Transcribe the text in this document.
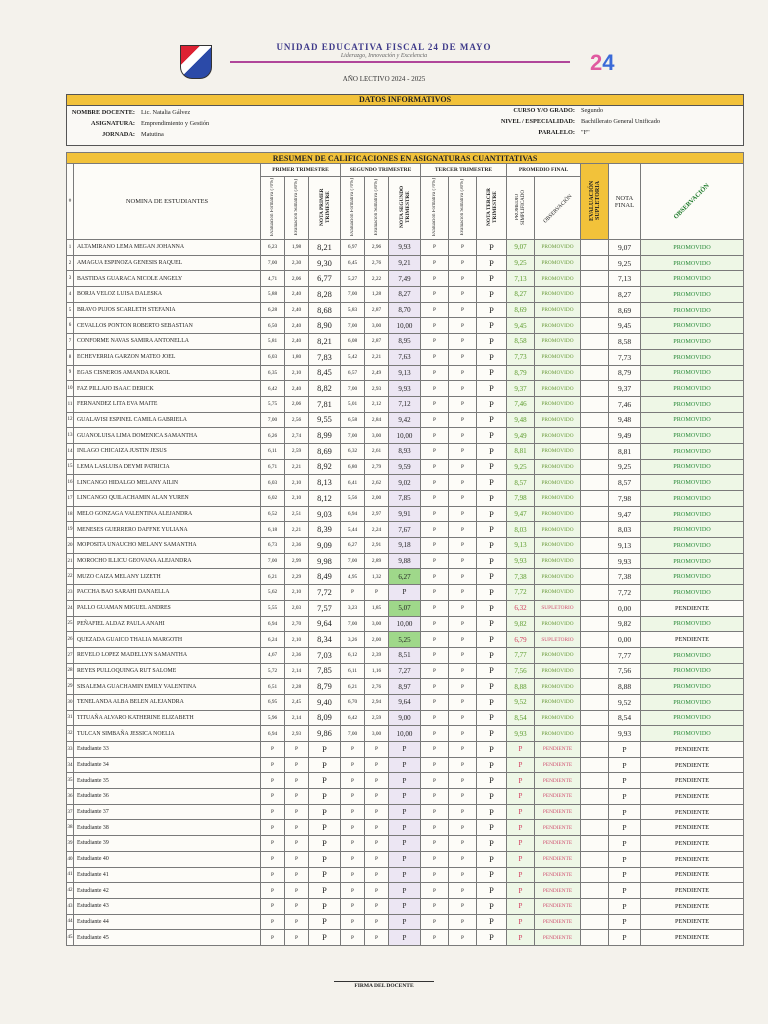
UNIDAD EDUCATIVA FISCAL 24 DE MAYO
Liderazgo, Innovación y Excelencia
AÑO LECTIVO 2024 - 2025
24
DATOS INFORMATIVOS
NOMBRE DOCENTE: Lic. Natalia Gálvez
ASIGNATURA: Emprendimiento y Gestión
JORNADA: Matutina
CURSO Y/O GRADO: Segundo
NIVEL / ESPECIALIDAD: Bachillerato General Unificado
PARALELO: "F"
RESUMEN DE CALIFICACIONES EN ASIGNATURAS CUANTITATIVAS															
#	NOMINA DE ESTUDIANTES	PRIMER TRIMESTRE			SEGUNDO TRIMESTRE			TERCER TRIMESTRE			PROMEDIO FINAL		EVALUACIÓN SUPLETORIA	NOTA FINAL	OBSERVACIÓN
		Evaluación Formativa (70%)	Evaluación Sumativa (30%)	NOTA PRIMER TRIMESTRE	Evaluación Formativa (70%)	Evaluación Sumativa (30%)	NOTA SEGUNDO TRIMESTRE	Evaluación Formativa (70%)	Evaluación Sumativa (30%)	NOTA TERCER TRIMESTRE	PROMEDIO SIMPLIFICADO	OBSERVACIÓN			
1	ALTAMIRANO LEMA MEGAN JOHANNA	6,23	1,98	8,21	6,97	2,96	9,93	P	P	P	9,07	PROMOVIDO		9,07	PROMOVIDO
2	AMAGUA ESPINOZA GENESIS RAQUEL	7,00	2,30	9,30	6,45	2,76	9,21	P	P	P	9,25	PROMOVIDO		9,25	PROMOVIDO
3	BASTIDAS GUARACA NICOLE ANGELY	4,71	2,06	6,77	5,27	2,22	7,49	P	P	P	7,13	PROMOVIDO		7,13	PROMOVIDO
4	BORJA VELOZ LUISA DALESKA	5,88	2,40	8,28	7,00	1,28	8,27	P	P	P	8,27	PROMOVIDO		8,27	PROMOVIDO
5	BRAVO PUJOS SCARLETH STEFANIA	6,28	2,40	8,68	5,83	2,87	8,70	P	P	P	8,69	PROMOVIDO		8,69	PROMOVIDO
6	CEVALLOS PONTON ROBERTO SEBASTIAN	6,50	2,40	8,90	7,00	3,00	10,00	P	P	P	9,45	PROMOVIDO		9,45	PROMOVIDO
7	CONFORME NAVAS SAMIRA ANTONELLA	5,81	2,40	8,21	6,08	2,87	8,95	P	P	P	8,58	PROMOVIDO		8,58	PROMOVIDO
8	ECHEVERRIA GARZON MATEO JOEL	6,03	1,80	7,83	5,42	2,21	7,63	P	P	P	7,73	PROMOVIDO		7,73	PROMOVIDO
9	EGAS CISNEROS AMANDA KAROL	6,35	2,10	8,45	6,57	2,49	9,13	P	P	P	8,79	PROMOVIDO		8,79	PROMOVIDO
10	FAZ PILLAJO ISAAC DERICK	6,42	2,40	8,82	7,00	2,93	9,93	P	P	P	9,37	PROMOVIDO		9,37	PROMOVIDO
11	FERNANDEZ LITA EVA MAITE	5,75	2,06	7,81	5,01	2,12	7,12	P	P	P	7,46	PROMOVIDO		7,46	PROMOVIDO
12	GUALAVISI ESPINEL CAMILA GABRIELA	7,00	2,56	9,55	6,58	2,84	9,42	P	P	P	9,48	PROMOVIDO		9,48	PROMOVIDO
13	GUANOLUISA LIMA DOMENICA SAMANTHA	6,26	2,74	8,99	7,00	3,00	10,00	P	P	P	9,49	PROMOVIDO		9,49	PROMOVIDO
14	INLAGO CHICAIZA JUSTIN JESUS	6,11	2,59	8,69	6,32	2,61	8,93	P	P	P	8,81	PROMOVIDO		8,81	PROMOVIDO
15	LEMA LASLUISA DEYMI PATRICIA	6,71	2,21	8,92	6,80	2,79	9,59	P	P	P	9,25	PROMOVIDO		9,25	PROMOVIDO
16	LINCANGO HIDALGO MELANY AILIN	6,03	2,10	8,13	6,41	2,62	9,02	P	P	P	8,57	PROMOVIDO		8,57	PROMOVIDO
17	LINCANGO QUILACHAMIN ALAN YUREN	6,02	2,10	8,12	5,56	2,00	7,85	P	P	P	7,98	PROMOVIDO		7,98	PROMOVIDO
18	MELO GONZAGA VALENTINA ALEJANDRA	6,52	2,51	9,03	6,94	2,97	9,91	P	P	P	9,47	PROMOVIDO		9,47	PROMOVIDO
19	MENESES GUERRERO DAFFNE YULIANA	6,18	2,21	8,39	5,44	2,24	7,67	P	P	P	8,03	PROMOVIDO		8,03	PROMOVIDO
20	MOPOSITA UNAUCHO MELANY SAMANTHA	6,73	2,36	9,09	6,27	2,91	9,18	P	P	P	9,13	PROMOVIDO		9,13	PROMOVIDO
21	MOROCHO ILLICU GEOVANA ALEJANDRA	7,00	2,99	9,98	7,00	2,89	9,88	P	P	P	9,93	PROMOVIDO		9,93	PROMOVIDO
22	MUZO CAIZA MELANY LIZETH	6,21	2,29	8,49	4,95	1,32	6,27	P	P	P	7,38	PROMOVIDO		7,38	PROMOVIDO
23	PACCHA BAO SARAHI DANAELLA	5,62	2,10	7,72	P	P	P	P	P	P	7,72	PROMOVIDO		7,72	PROMOVIDO
24	PALLO GUAMAN MIGUEL ANDRES	5,55	2,03	7,57	3,23	1,85	5,07	P	P	P	6,32	SUPLETORIO		0,00	PENDIENTE
25	PEÑAFIEL ALDAZ PAULA ANAHI	6,94	2,70	9,64	7,00	3,00	10,00	P	P	P	9,82	PROMOVIDO		9,82	PROMOVIDO
26	QUEZADA GUAICO THALIA MARGOTH	6,24	2,10	8,34	3,26	2,00	5,25	P	P	P	6,79	SUPLETORIO		0,00	PENDIENTE
27	REVELO LOPEZ MADELLYN SAMANTHA	4,67	2,36	7,03	6,12	2,39	8,51	P	P	P	7,77	PROMOVIDO		7,77	PROMOVIDO
28	REYES PULLOQUINGA RUT SALOME	5,72	2,14	7,85	6,11	1,16	7,27	P	P	P	7,56	PROMOVIDO		7,56	PROMOVIDO
29	SISALEMA GUACHAMIN EMILY VALENTINA	6,51	2,28	8,79	6,21	2,76	8,97	P	P	P	8,88	PROMOVIDO		8,88	PROMOVIDO
30	TENELANDA ALBA BELEN ALEJANDRA	6,95	2,45	9,40	6,70	2,94	9,64	P	P	P	9,52	PROMOVIDO		9,52	PROMOVIDO
31	TITUAÑA ALVARO KATHERINE ELIZABETH	5,96	2,14	8,09	6,42	2,59	9,00	P	P	P	8,54	PROMOVIDO		8,54	PROMOVIDO
32	TULCAN SIMBAÑA JESSICA NOELIA	6,94	2,93	9,86	7,00	3,00	10,00	P	P	P	9,93	PROMOVIDO		9,93	PROMOVIDO
33	Estudiante 33	P	P	P	P	P	P	P	P	P	P	PENDIENTE		P	PENDIENTE
34	Estudiante 34	P	P	P	P	P	P	P	P	P	P	PENDIENTE		P	PENDIENTE
35	Estudiante 35	P	P	P	P	P	P	P	P	P	P	PENDIENTE		P	PENDIENTE
36	Estudiante 36	P	P	P	P	P	P	P	P	P	P	PENDIENTE		P	PENDIENTE
37	Estudiante 37	P	P	P	P	P	P	P	P	P	P	PENDIENTE		P	PENDIENTE
38	Estudiante 38	P	P	P	P	P	P	P	P	P	P	PENDIENTE		P	PENDIENTE
39	Estudiante 39	P	P	P	P	P	P	P	P	P	P	PENDIENTE		P	PENDIENTE
40	Estudiante 40	P	P	P	P	P	P	P	P	P	P	PENDIENTE		P	PENDIENTE
41	Estudiante 41	P	P	P	P	P	P	P	P	P	P	PENDIENTE		P	PENDIENTE
42	Estudiante 42	P	P	P	P	P	P	P	P	P	P	PENDIENTE		P	PENDIENTE
43	Estudiante 43	P	P	P	P	P	P	P	P	P	P	PENDIENTE		P	PENDIENTE
44	Estudiante 44	P	P	P	P	P	P	P	P	P	P	PENDIENTE		P	PENDIENTE
45	Estudiante 45	P	P	P	P	P	P	P	P	P	P	PENDIENTE		P	PENDIENTE
FIRMA DEL DOCENTE
